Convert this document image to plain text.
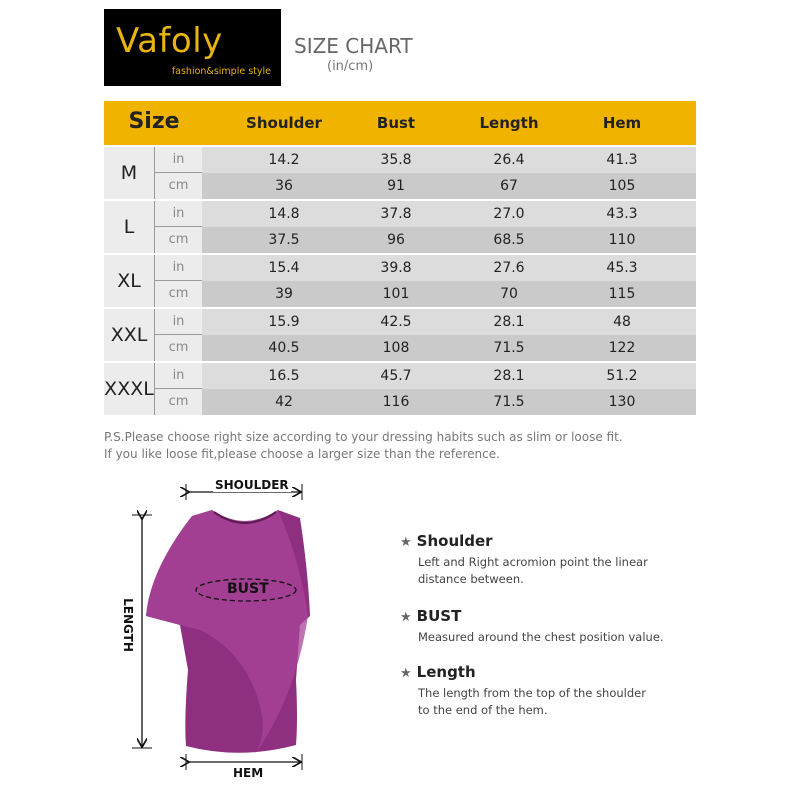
Vafoly
fashion&simple style
SIZE CHART
(in/cm)
Size	Shoulder	Bust	Length	Hem
M
in	14.2	35.8	26.4	41.3
cm	36	91	67	105
L
in	14.8	37.8	27.0	43.3
cm	37.5	96	68.5	110
XL
in	15.4	39.8	27.6	45.3
cm	39	101	70	115
XXL
in	15.9	42.5	28.1	48
cm	40.5	108	71.5	122
XXXL
in	16.5	45.7	28.1	51.2
cm	42	116	71.5	130
P.S.Please choose right size according to your dressing habits such as slim or loose fit.
If you like loose fit,please choose a larger size than the reference.
SHOULDER
BUST
HEM
LENGTH
★ Shoulder
Left and Right acromion point the linear distance between.
★ BUST
Measured around the chest position value.
★ Length
The length from the top of the shoulder to the end of the hem.
